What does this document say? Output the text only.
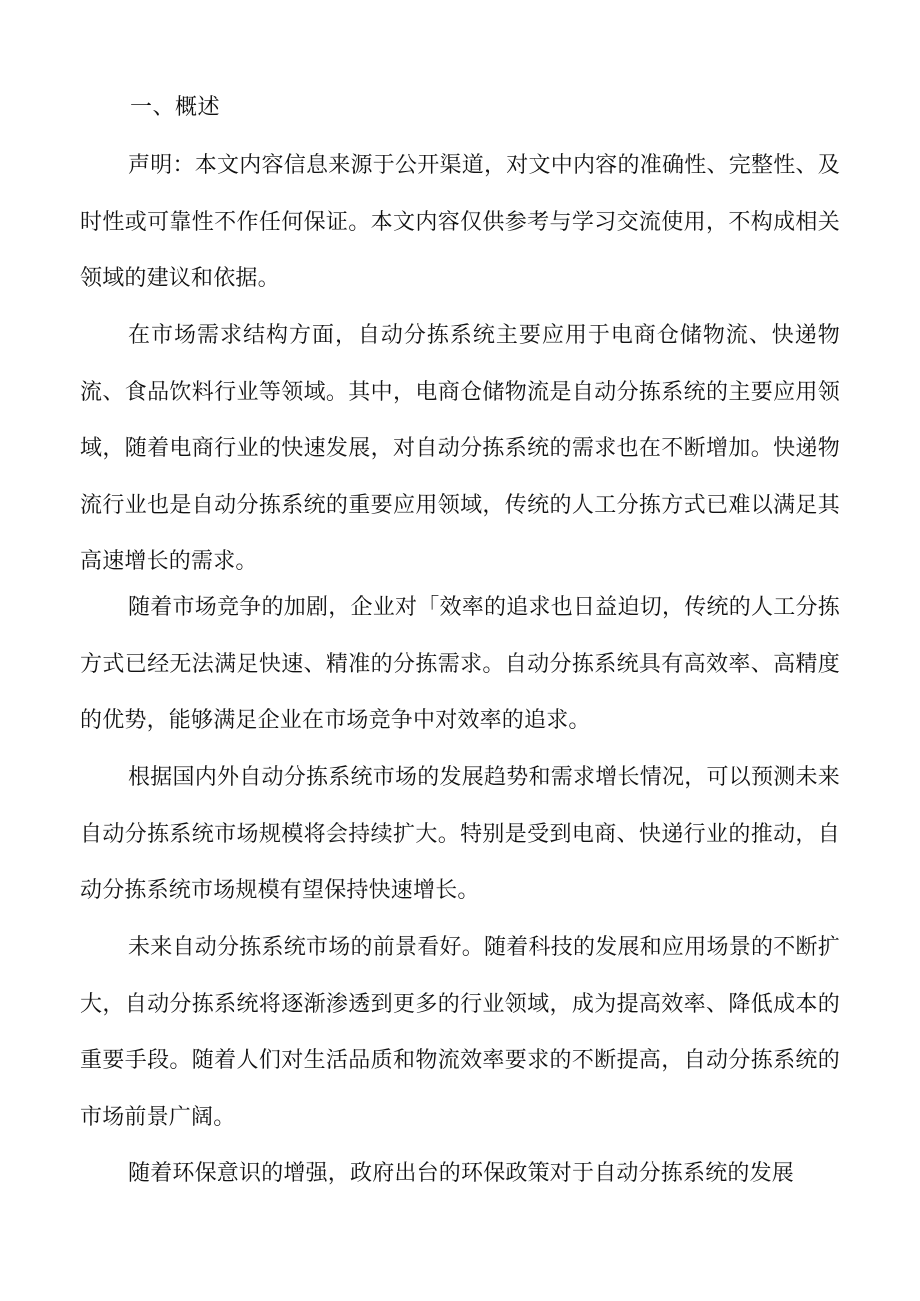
一、概述

声明：本文内容信息来源于公开渠道，对文中内容的准确性、完整性、及时性或可靠性不作任何保证。本文内容仅供参考与学习交流使用，不构成相关领域的建议和依据。

在市场需求结构方面，自动分拣系统主要应用于电商仓储物流、快递物流、食品饮料行业等领域。其中，电商仓储物流是自动分拣系统的主要应用领域，随着电商行业的快速发展，对自动分拣系统的需求也在不断增加。快递物流行业也是自动分拣系统的重要应用领域，传统的人工分拣方式已难以满足其高速增长的需求。

随着市场竞争的加剧，企业对「效率的追求也日益迫切，传统的人工分拣方式已经无法满足快速、精准的分拣需求。自动分拣系统具有高效率、高精度的优势，能够满足企业在市场竞争中对效率的追求。

根据国内外自动分拣系统市场的发展趋势和需求增长情况，可以预测未来自动分拣系统市场规模将会持续扩大。特别是受到电商、快递行业的推动，自动分拣系统市场规模有望保持快速增长。

未来自动分拣系统市场的前景看好。随着科技的发展和应用场景的不断扩大，自动分拣系统将逐渐渗透到更多的行业领域，成为提高效率、降低成本的重要手段。随着人们对生活品质和物流效率要求的不断提高，自动分拣系统的市场前景广阔。

随着环保意识的增强，政府出台的环保政策对于自动分拣系统的发展
